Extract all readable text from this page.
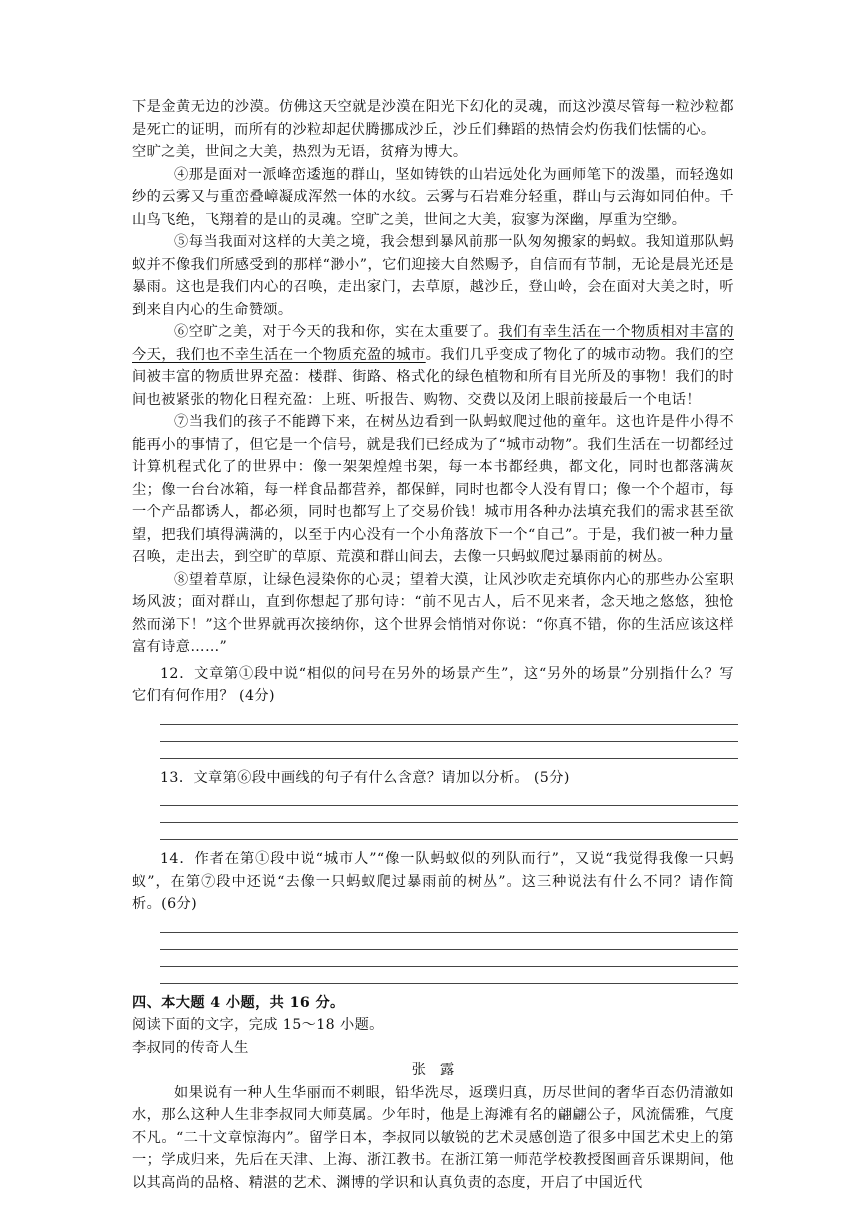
下是金黄无边的沙漠。仿佛这天空就是沙漠在阳光下幻化的灵魂，而这沙漠尽管每一粒沙粒都是死亡的证明，而所有的沙粒却起伏腾挪成沙丘，沙丘们彝蹈的热情会灼伤我们怯懦的心。
空旷之美，世间之大美，热烈为无语，贫瘠为博大。

④那是面对一派峰峦逶迤的群山，坚如铸铁的山岩远处化为画师笔下的泼墨，而轻逸如纱的云雾又与重峦叠嶂凝成浑然一体的水纹。云雾与石岩难分轻重，群山与云海如同伯仲。千山鸟飞绝，飞翔着的是山的灵魂。空旷之美，世间之大美，寂寥为深幽，厚重为空缈。

⑤每当我面对这样的大美之境，我会想到暴风前那一队匆匆搬家的蚂蚁。我知道那队蚂蚁并不像我们所感受到的那样“渺小”，它们迎接大自然赐予，自信而有节制，无论是晨光还是暴雨。这也是我们内心的召唤，走出家门，去草原，越沙丘，登山岭，会在面对大美之时，听到来自内心的生命赞颂。

⑥空旷之美，对于今天的我和你，实在太重要了。我们有幸生活在一个物质相对丰富的今天，我们也不幸生活在一个物质充盈的城市。我们几乎变成了物化了的城市动物。我们的空间被丰富的物质世界充盈：楼群、街路、格式化的绿色植物和所有目光所及的事物！我们的时间也被紧张的物化日程充盈：上班、听报告、购物、交费以及闭上眼前接最后一个电话！

⑦当我们的孩子不能蹲下来，在树丛边看到一队蚂蚁爬过他的童年。这也许是件小得不能再小的事情了，但它是一个信号，就是我们已经成为了“城市动物”。我们生活在一切都经过计算机程式化了的世界中：像一架架煌煌书架，每一本书都经典，都文化，同时也都落满灰尘；像一台台冰箱，每一样食品都营养，都保鲜，同时也都令人没有胃口；像一个个超市，每一个产品都诱人，都必须，同时也都写上了交易价钱！城市用各种办法填充我们的需求甚至欲望，把我们填得满满的，以至于内心没有一个小角落放下一个“自己”。于是，我们被一种力量召唤，走出去，到空旷的草原、荒漠和群山间去，去像一只蚂蚁爬过暴雨前的树丛。

⑧望着草原，让绿色浸染你的心灵；望着大漠，让风沙吹走充填你内心的那些办公室职场风波；面对群山，直到你想起了那句诗：“前不见古人，后不见来者，念天地之悠悠，独怆然而涕下！”这个世界就再次接纳你，这个世界会悄悄对你说：“你真不错，你的生活应该这样富有诗意……”

12．文章第①段中说“相似的问号在另外的场景产生”，这“另外的场景”分别指什么？写它们有何作用？ (4分)

13．文章第⑥段中画线的句子有什么含意？请加以分析。 (5分)

14．作者在第①段中说“城市人”“像一队蚂蚁似的列队而行”，又说“我觉得我像一只蚂蚁”，在第⑦段中还说“去像一只蚂蚁爬过暴雨前的树丛”。这三种说法有什么不同？请作简析。(6分)

四、本大题 4 小题，共 16 分。

阅读下面的文字，完成 15～18 小题。

李叔同的传奇人生

张露

如果说有一种人生华丽而不刺眼，铅华洗尽，返璞归真，历尽世间的奢华百态仍清澈如水，那么这种人生非李叔同大师莫属。少年时，他是上海滩有名的翩翩公子，风流儒雅，气度不凡。“二十文章惊海内”。留学日本，李叔同以敏锐的艺术灵感创造了很多中国艺术史上的第一；学成归来，先后在天津、上海、浙江教书。在浙江第一师范学校教授图画音乐课期间，他以其高尚的品格、精湛的艺术、渊博的学识和认真负责的态度，开启了中国近代
